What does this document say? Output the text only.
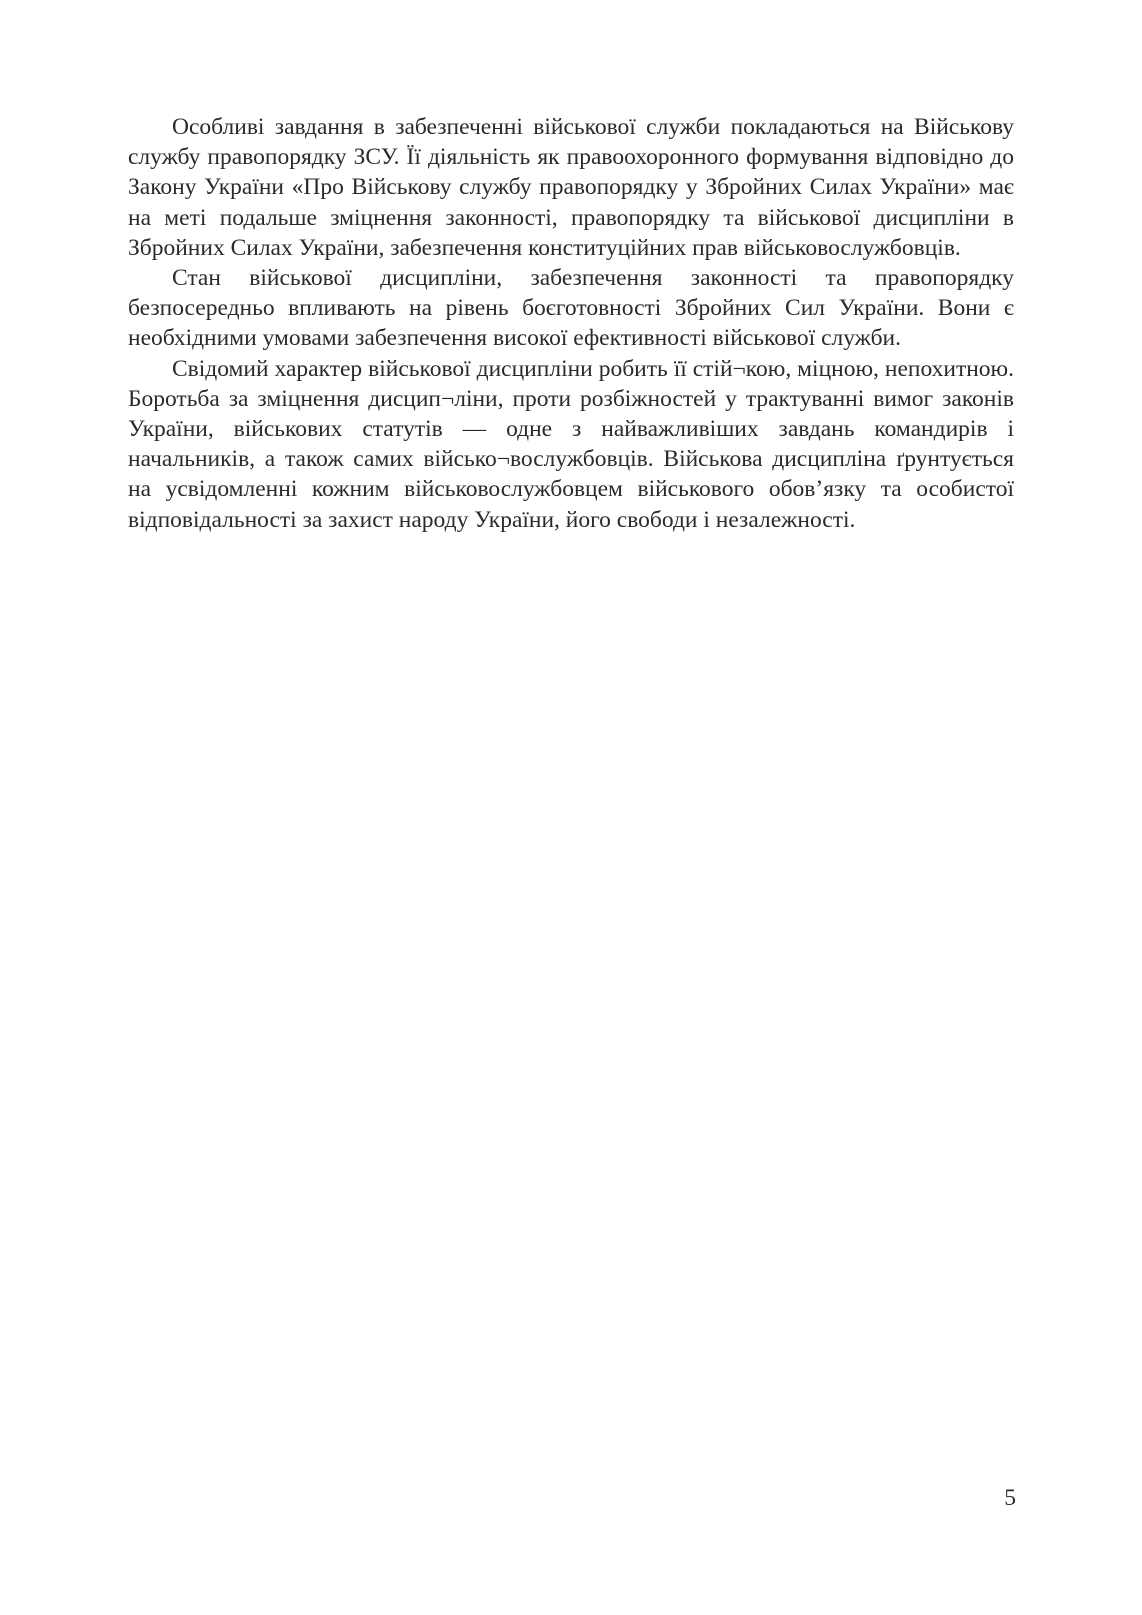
Особливі завдання в забезпеченні військової служби покладаються на Військову службу правопорядку ЗСУ. Її діяльність як правоохоронного формування відповідно до Закону України «Про Військову службу правопорядку у Збройних Силах України» має на меті подальше зміцнення законності, правопорядку та військової дисципліни в Збройних Силах України, забезпечення конституційних прав військовослужбовців.

Стан військової дисципліни, забезпечення законності та правопорядку безпосередньо впливають на рівень боєготовності Збройних Сил України. Вони є необхідними умовами забезпечення високої ефективності військової служби.

Свідомий характер військової дисципліни робить її стій¬кою, міцною, непохитною. Боротьба за зміцнення дисцип¬ліни, проти розбіжностей у трактуванні вимог законів України, військових статутів — одне з найважливіших завдань командирів і начальників, а також самих військо¬вослужбовців. Військова дисципліна ґрунтується на усвідомленні кожним військовослужбовцем військового обов’язку та особистої відповідальності за захист народу України, його свободи і незалежності.

5
